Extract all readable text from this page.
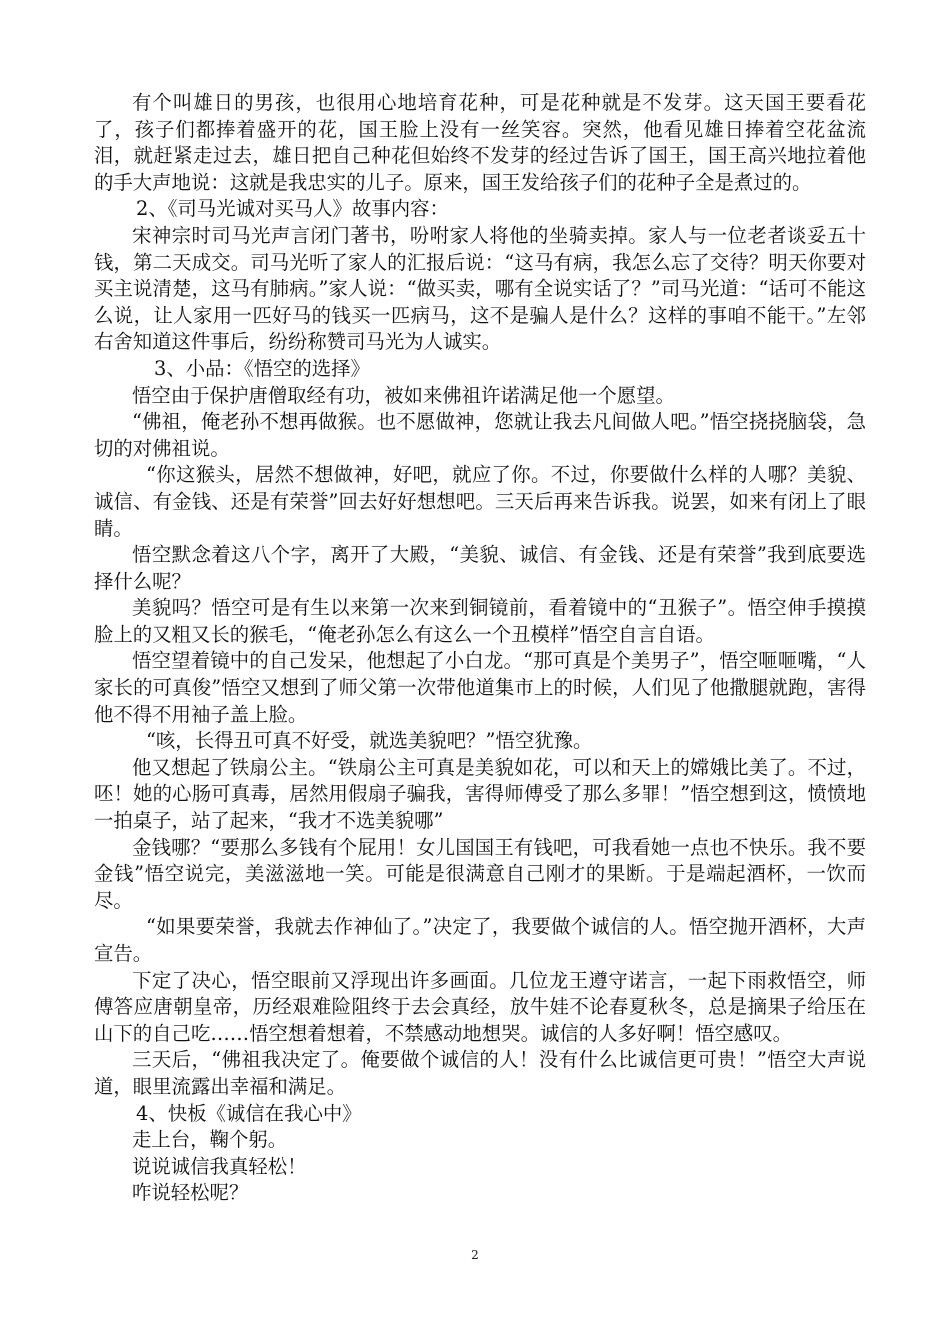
有个叫雄日的男孩，也很用心地培育花种，可是花种就是不发芽。这天国王要看花了，孩子们都捧着盛开的花，国王脸上没有一丝笑容。突然，他看见雄日捧着空花盆流泪，就赶紧走过去，雄日把自己种花但始终不发芽的经过告诉了国王，国王高兴地拉着他的手大声地说：这就是我忠实的儿子。原来，国王发给孩子们的花种子全是煮过的。

2、《司马光诚对买马人》故事内容：

宋神宗时司马光声言闭门著书，吩咐家人将他的坐骑卖掉。家人与一位老者谈妥五十钱，第二天成交。司马光听了家人的汇报后说：“这马有病，我怎么忘了交待？明天你要对买主说清楚，这马有肺病。”家人说：“做买卖，哪有全说实话了？”司马光道：“话可不能这么说，让人家用一匹好马的钱买一匹病马，这不是骗人是什么？这样的事咱不能干。”左邻右舍知道这件事后，纷纷称赞司马光为人诚实。

3、小品：《悟空的选择》

悟空由于保护唐僧取经有功，被如来佛祖许诺满足他一个愿望。

“佛祖，俺老孙不想再做猴。也不愿做神，您就让我去凡间做人吧。”悟空挠挠脑袋，急切的对佛祖说。

“你这猴头，居然不想做神，好吧，就应了你。不过，你要做什么样的人哪？美貌、诚信、有金钱、还是有荣誉”回去好好想想吧。三天后再来告诉我。说罢，如来有闭上了眼睛。

悟空默念着这八个字，离开了大殿，“美貌、诚信、有金钱、还是有荣誉”我到底要选择什么呢？

美貌吗？悟空可是有生以来第一次来到铜镜前，看着镜中的“丑猴子”。悟空伸手摸摸脸上的又粗又长的猴毛，“俺老孙怎么有这么一个丑模样”悟空自言自语。

悟空望着镜中的自己发呆，他想起了小白龙。“那可真是个美男子”，悟空咂咂嘴，“人家长的可真俊”悟空又想到了师父第一次带他道集市上的时候，人们见了他撒腿就跑，害得他不得不用袖子盖上脸。

“咳，长得丑可真不好受，就选美貌吧？”悟空犹豫。

他又想起了铁扇公主。“铁扇公主可真是美貌如花，可以和天上的嫦娥比美了。不过，呸！她的心肠可真毒，居然用假扇子骗我，害得师傅受了那么多罪！”悟空想到这，愤愤地一拍桌子，站了起来，“我才不选美貌哪”

金钱哪？“要那么多钱有个屁用！女儿国国王有钱吧，可我看她一点也不快乐。我不要金钱”悟空说完，美滋滋地一笑。可能是很满意自己刚才的果断。于是端起酒杯，一饮而尽。

“如果要荣誉，我就去作神仙了。”决定了，我要做个诚信的人。悟空抛开酒杯，大声宣告。

下定了决心，悟空眼前又浮现出许多画面。几位龙王遵守诺言，一起下雨救悟空，师傅答应唐朝皇帝，历经艰难险阻终于去会真经，放牛娃不论春夏秋冬，总是摘果子给压在山下的自己吃……悟空想着想着，不禁感动地想哭。诚信的人多好啊！悟空感叹。

三天后，“佛祖我决定了。俺要做个诚信的人！没有什么比诚信更可贵！”悟空大声说道，眼里流露出幸福和满足。

4、快板《诚信在我心中》

走上台，鞠个躬。

说说诚信我真轻松！

咋说轻松呢？

2
